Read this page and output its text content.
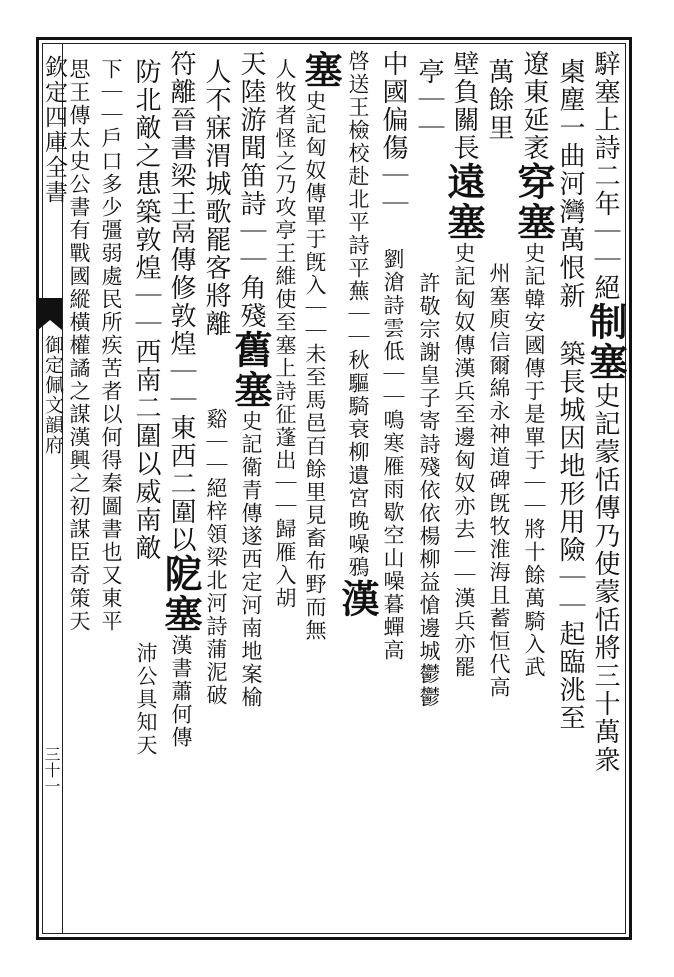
欽定四庫全書
御定佩文韻府
三十一
騂塞上詩二年｜｜絕
制塞
史記蒙恬傳乃使蒙恬將三十萬衆
㮚塵一曲河灣萬恨新
築長城因地形用險｜｜起臨洮至
遼東延袤
穿塞
史記韓安國傳于是單于｜｜將十餘萬騎入武
萬餘里
州塞庾信爾綿永神道碑旣牧淮海且蓄恒代高
壁負關長
遠塞
史記匈奴傳漢兵至邊匈奴亦去｜｜漢兵亦罷
亭｜｜
許敬宗謝皇子寄詩殘依依楊柳益愴邊城鬱鬱
中國偏傷｜｜
劉滄詩雲低｜｜鳴寒雁雨歇空山噪暮蟬
高
啓送王檢校赴北平詩平蕪｜｜秋驅騎衰柳遺宮晚噪鴉
漢
塞
史記匈奴傳單于旣入｜｜未至馬邑百餘里見畜布野而無
人牧者怪之乃攻亭王維使至塞上詩征蓬出｜｜歸雁入胡
天陸游聞笛詩｜｜角殘
舊塞
史記衛青傳遂西定河南地案榆
人不寐渭城歌罷客將離
谿｜｜絕梓領梁北河詩蒲泥破
符離晉書梁王鬲傳修敦煌｜｜東西二圍以
阸塞
漢書蕭何傳
防北敵之患築敦煌｜｜西南二圍以威南敵
沛公具知天
下｜｜戶口多少彊弱處民所疾苦者以何得秦圖書也又東平
思王傳太史公書有戰國縱橫權譎之謀漢興之初謀臣奇策天
